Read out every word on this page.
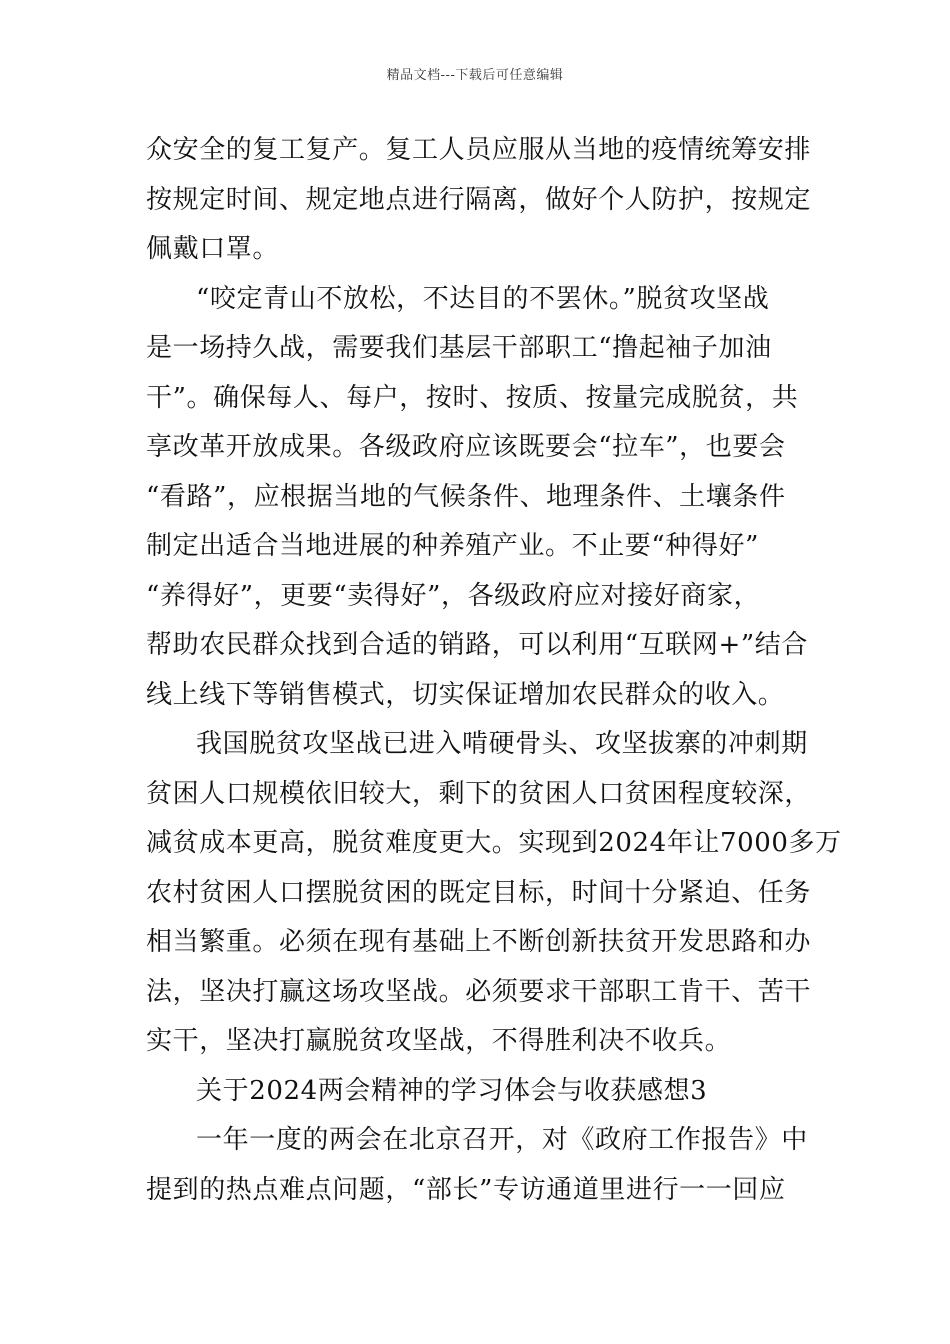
精品文档---下载后可任意编辑
众安全的复工复产。复工人员应服从当地的疫情统筹安排
按规定时间、规定地点进行隔离，做好个人防护，按规定
佩戴口罩。
“咬定青山不放松，不达目的不罢休。”脱贫攻坚战
是一场持久战，需要我们基层干部职工“撸起袖子加油
干”。确保每人、每户，按时、按质、按量完成脱贫，共
享改革开放成果。各级政府应该既要会“拉车”，也要会
“看路”，应根据当地的气候条件、地理条件、土壤条件
制定出适合当地进展的种养殖产业。不止要“种得好”
“养得好”，更要“卖得好”，各级政府应对接好商家，
帮助农民群众找到合适的销路，可以利用“互联网+”结合
线上线下等销售模式，切实保证增加农民群众的收入。
我国脱贫攻坚战已进入啃硬骨头、攻坚拔寨的冲刺期
贫困人口规模依旧较大，剩下的贫困人口贫困程度较深，
减贫成本更高，脱贫难度更大。实现到2024年让7000多万
农村贫困人口摆脱贫困的既定目标，时间十分紧迫、任务
相当繁重。必须在现有基础上不断创新扶贫开发思路和办
法，坚决打赢这场攻坚战。必须要求干部职工肯干、苦干
实干，坚决打赢脱贫攻坚战，不得胜利决不收兵。
关于2024两会精神的学习体会与收获感想3
一年一度的两会在北京召开，对《政府工作报告》中
提到的热点难点问题，“部长”专访通道里进行一一回应
